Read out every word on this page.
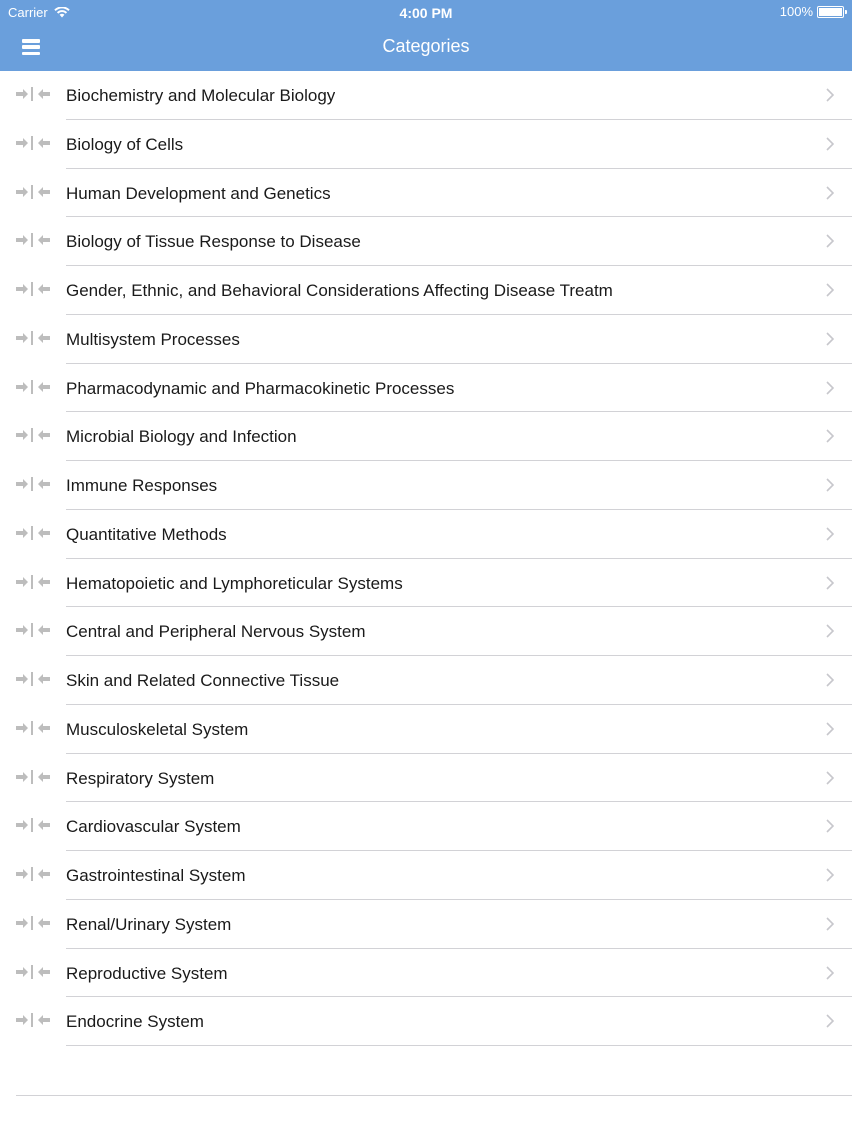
Carrier	4:00 PM	100%
Categories
Biochemistry and Molecular Biology
Biology of Cells
Human Development and Genetics
Biology of Tissue Response to Disease
Gender, Ethnic, and Behavioral Considerations Affecting Disease Treatm
Multisystem Processes
Pharmacodynamic and Pharmacokinetic Processes
Microbial Biology and Infection
Immune Responses
Quantitative Methods
Hematopoietic and Lymphoreticular Systems
Central and Peripheral Nervous System
Skin and Related Connective Tissue
Musculoskeletal System
Respiratory System
Cardiovascular System
Gastrointestinal System
Renal/Urinary System
Reproductive System
Endocrine System
